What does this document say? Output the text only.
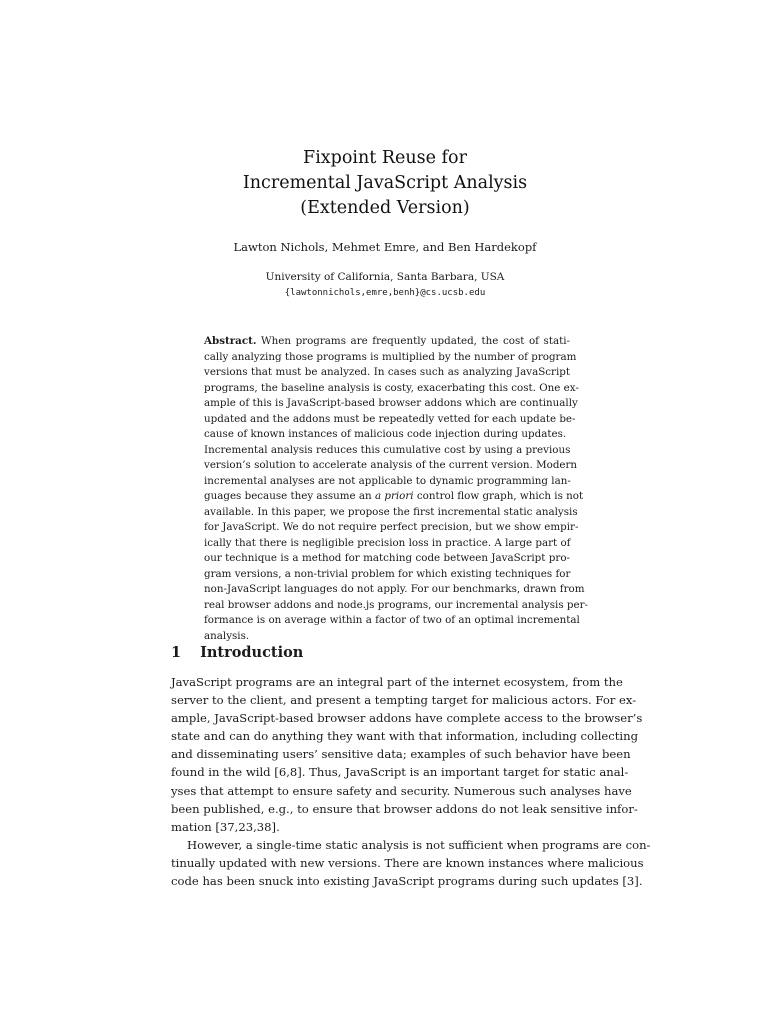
Fixpoint Reuse for
Incremental JavaScript Analysis
(Extended Version)
Lawton Nichols, Mehmet Emre, and Ben Hardekopf
University of California, Santa Barbara, USA
{lawtonnichols,emre,benh}@cs.ucsb.edu
Abstract. When programs are frequently updated, the cost of stati-
cally analyzing those programs is multiplied by the number of program
versions that must be analyzed. In cases such as analyzing JavaScript
programs, the baseline analysis is costy, exacerbating this cost. One ex-
ample of this is JavaScript-based browser addons which are continually
updated and the addons must be repeatedly vetted for each update be-
cause of known instances of malicious code injection during updates.
Incremental analysis reduces this cumulative cost by using a previous
version’s solution to accelerate analysis of the current version. Modern
incremental analyses are not applicable to dynamic programming lan-
guages because they assume an a priori control flow graph, which is not
available. In this paper, we propose the first incremental static analysis
for JavaScript. We do not require perfect precision, but we show empir-
ically that there is negligible precision loss in practice. A large part of
our technique is a method for matching code between JavaScript pro-
gram versions, a non-trivial problem for which existing techniques for
non-JavaScript languages do not apply. For our benchmarks, drawn from
real browser addons and node.js programs, our incremental analysis per-
formance is on average within a factor of two of an optimal incremental
analysis.
1 Introduction
JavaScript programs are an integral part of the internet ecosystem, from the
server to the client, and present a tempting target for malicious actors. For ex-
ample, JavaScript-based browser addons have complete access to the browser’s
state and can do anything they want with that information, including collecting
and disseminating users’ sensitive data; examples of such behavior have been
found in the wild [6,8]. Thus, JavaScript is an important target for static anal-
yses that attempt to ensure safety and security. Numerous such analyses have
been published, e.g., to ensure that browser addons do not leak sensitive infor-
mation [37,23,38].
However, a single-time static analysis is not sufficient when programs are con-
tinually updated with new versions. There are known instances where malicious
code has been snuck into existing JavaScript programs during such updates [3].
